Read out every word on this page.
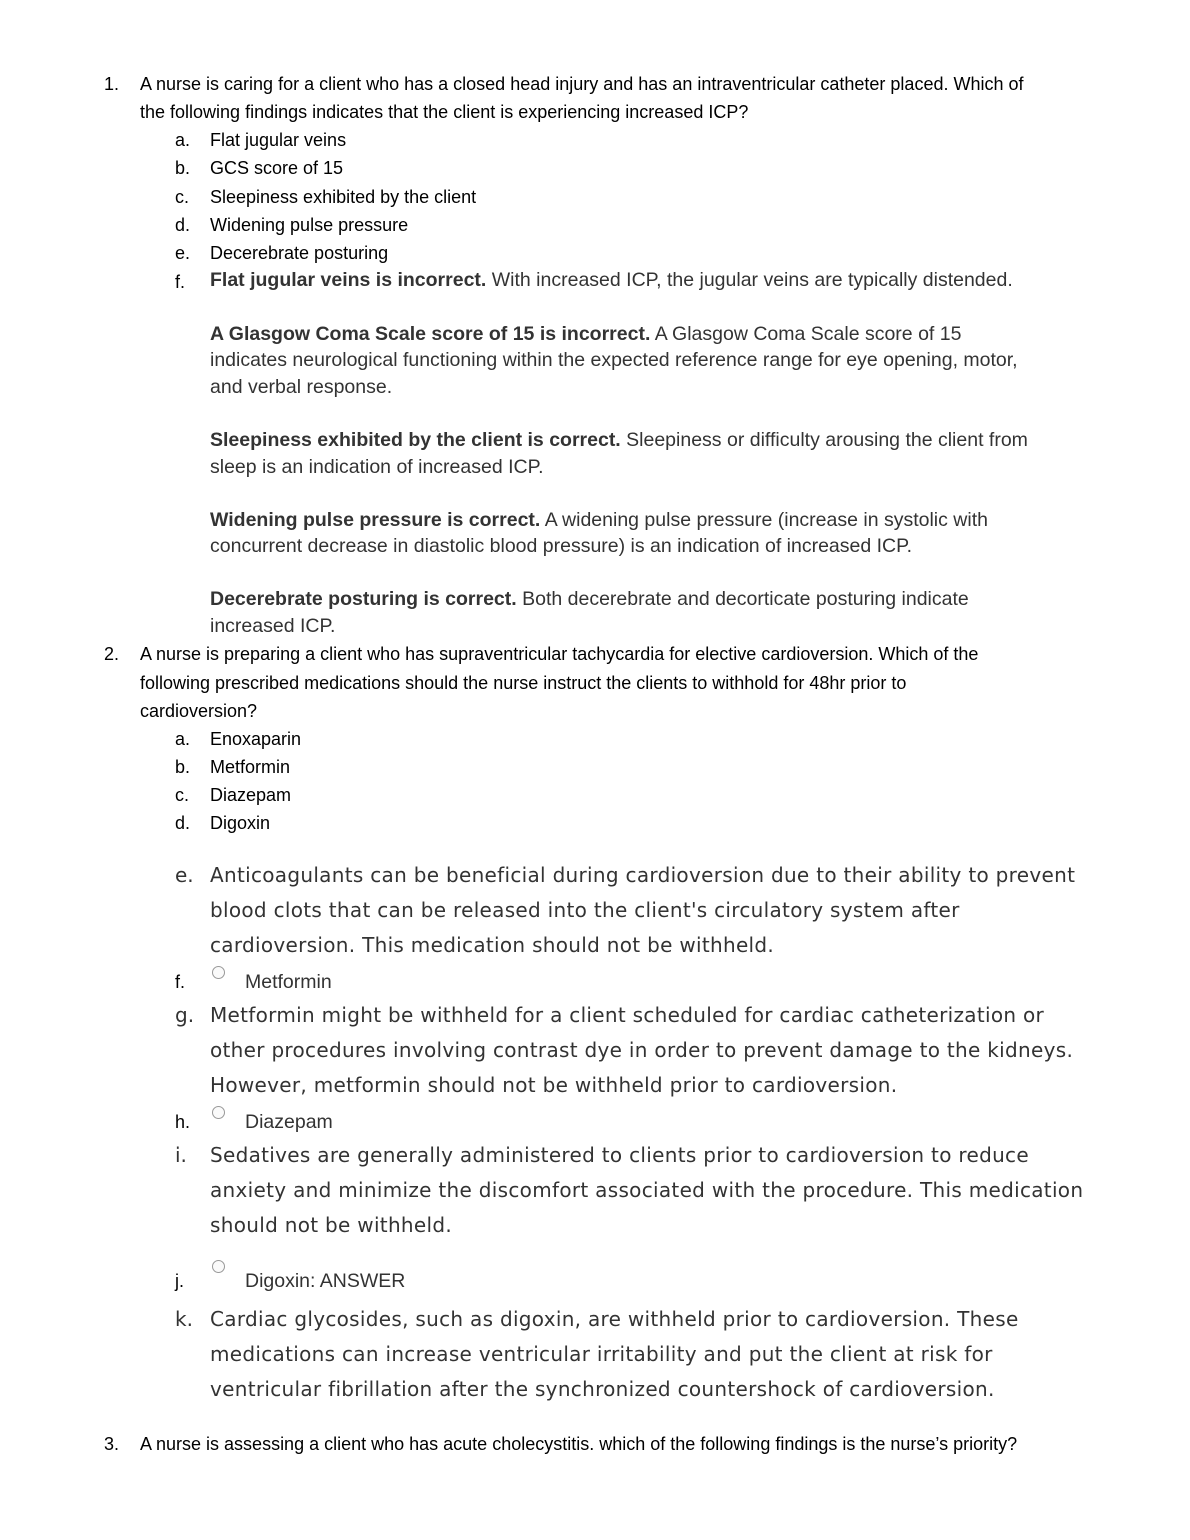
1. A nurse is caring for a client who has a closed head injury and has an intraventricular catheter placed. Which of
the following findings indicates that the client is experiencing increased ICP?
a. Flat jugular veins
b. GCS score of 15
c. Sleepiness exhibited by the client
d. Widening pulse pressure
e. Decerebrate posturing
f. Flat jugular veins is incorrect. With increased ICP, the jugular veins are typically distended.
A Glasgow Coma Scale score of 15 is incorrect. A Glasgow Coma Scale score of 15
indicates neurological functioning within the expected reference range for eye opening, motor,
and verbal response.
Sleepiness exhibited by the client is correct. Sleepiness or difficulty arousing the client from
sleep is an indication of increased ICP.
Widening pulse pressure is correct. A widening pulse pressure (increase in systolic with
concurrent decrease in diastolic blood pressure) is an indication of increased ICP.
Decerebrate posturing is correct. Both decerebrate and decorticate posturing indicate
increased ICP.
2. A nurse is preparing a client who has supraventricular tachycardia for elective cardioversion. Which of the
following prescribed medications should the nurse instruct the clients to withhold for 48hr prior to
cardioversion?
a. Enoxaparin
b. Metformin
c. Diazepam
d. Digoxin
e. Anticoagulants can be beneficial during cardioversion due to their ability to prevent
blood clots that can be released into the client's circulatory system after
cardioversion. This medication should not be withheld.
f.	Metformin
g. Metformin might be withheld for a client scheduled for cardiac catheterization or
other procedures involving contrast dye in order to prevent damage to the kidneys.
However, metformin should not be withheld prior to cardioversion.
h.	Diazepam
i. Sedatives are generally administered to clients prior to cardioversion to reduce
anxiety and minimize the discomfort associated with the procedure. This medication
should not be withheld.
j.	Digoxin: ANSWER
k. Cardiac glycosides, such as digoxin, are withheld prior to cardioversion. These
medications can increase ventricular irritability and put the client at risk for
ventricular fibrillation after the synchronized countershock of cardioversion.
3. A nurse is assessing a client who has acute cholecystitis. which of the following findings is the nurse’s priority?
